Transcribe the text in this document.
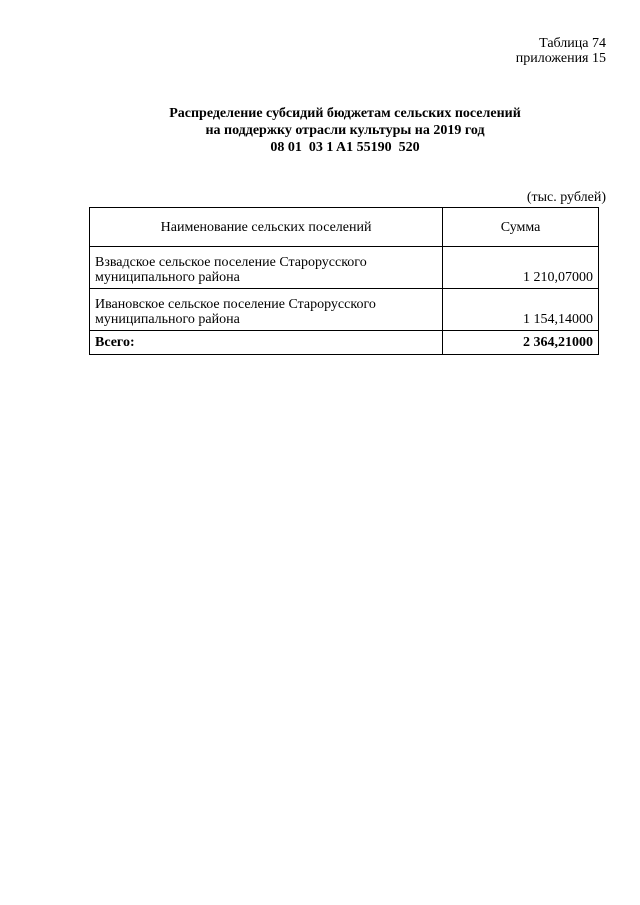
Таблица 74
приложения 15
Распределение субсидий бюджетам сельских поселений
на поддержку отрасли культуры на 2019 год
08 01  03 1 A1 55190  520
(тыс. рублей)
Наименование сельских поселений	Сумма

Взвадское сельское поселение Старорусского
муниципального района	1 210,07000

Ивановское сельское поселение Старорусского
муниципального района	1 154,14000
Всего:	2 364,21000
